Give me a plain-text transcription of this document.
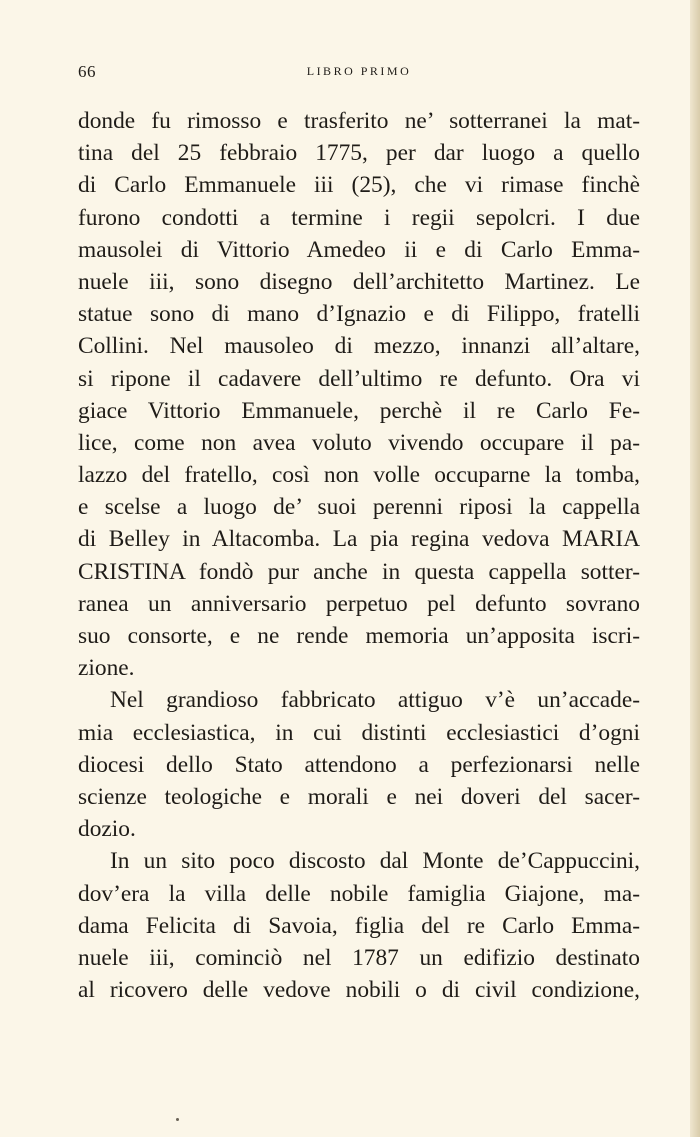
66	LIBRO PRIMO
donde fu rimosso e trasferito ne’ sotterranei la mat-
tina del 25 febbraio 1775, per dar luogo a quello
di Carlo Emmanuele iii (25), che vi rimase finchè
furono condotti a termine i regii sepolcri. I due
mausolei di Vittorio Amedeo ii e di Carlo Emma-
nuele iii, sono disegno dell’architetto Martinez. Le
statue sono di mano d’Ignazio e di Filippo, fratelli
Collini. Nel mausoleo di mezzo, innanzi all’altare,
si ripone il cadavere dell’ultimo re defunto. Ora vi
giace Vittorio Emmanuele, perchè il re Carlo Fe-
lice, come non avea voluto vivendo occupare il pa-
lazzo del fratello, così non volle occuparne la tomba,
e scelse a luogo de’ suoi perenni riposi la cappella
di Belley in Altacomba. La pia regina vedova MARIA
CRISTINA fondò pur anche in questa cappella sotter-
ranea un anniversario perpetuo pel defunto sovrano
suo consorte, e ne rende memoria un’apposita iscri-
zione.
Nel grandioso fabbricato attiguo v’è un’accade-
mia ecclesiastica, in cui distinti ecclesiastici d’ogni
diocesi dello Stato attendono a perfezionarsi nelle
scienze teologiche e morali e nei doveri del sacer-
dozio.
In un sito poco discosto dal Monte de’Cappuccini,
dov’era la villa delle nobile famiglia Giajone, ma-
dama Felicita di Savoia, figlia del re Carlo Emma-
nuele iii, cominciò nel 1787 un edifizio destinato
al ricovero delle vedove nobili o di civil condizione,
